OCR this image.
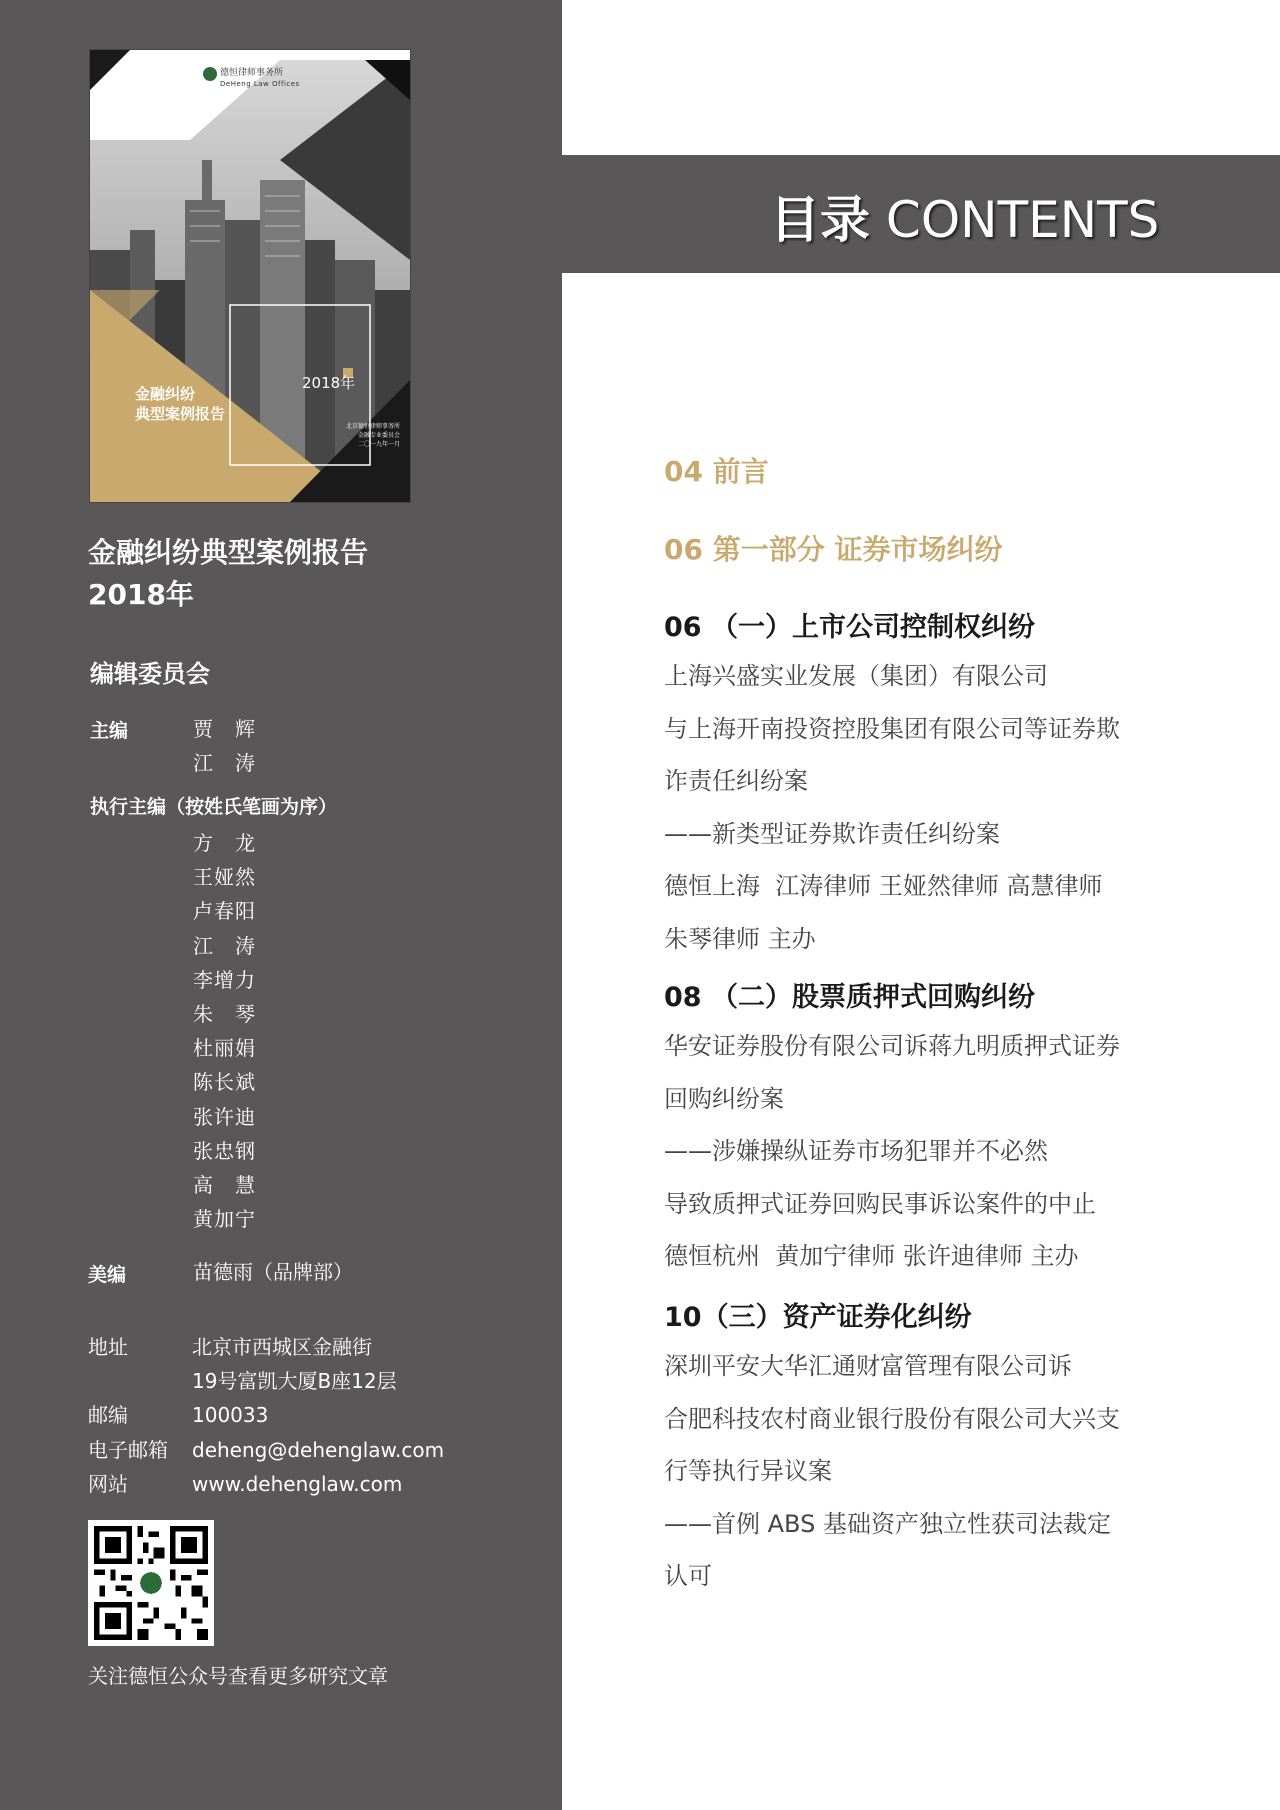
德恒律师事务所
DeHeng Law Offices
2018年
金融纠纷
典型案例报告
北京德恒律师事务所
金融专业委员会
二〇一九年一月
金融纠纷典型案例报告
2018年
编辑委员会
主编	贾　辉
江　涛
执行主编（按姓氏笔画为序）
方　龙
王娅然
卢春阳
江　涛
李增力
朱　琴
杜丽娟
陈长斌
张许迪
张忠钢
高　慧
黄加宁
美编	苗德雨（品牌部）
地址	北京市西城区金融街
19号富凯大厦B座12层
邮编	100033
电子邮箱	deheng@dehenglaw.com
网站	www.dehenglaw.com
关注德恒公众号查看更多研究文章
目录 CONTENTS
04 前言
06 第一部分 证券市场纠纷
06 （一）上市公司控制权纠纷
上海兴盛实业发展（集团）有限公司
与上海开南投资控股集团有限公司等证券欺
诈责任纠纷案
——新类型证券欺诈责任纠纷案
德恒上海  江涛律师 王娅然律师 高慧律师
朱琴律师 主办
08 （二）股票质押式回购纠纷
华安证券股份有限公司诉蒋九明质押式证券
回购纠纷案
——涉嫌操纵证券市场犯罪并不必然
导致质押式证券回购民事诉讼案件的中止
德恒杭州  黄加宁律师 张许迪律师 主办
10（三）资产证券化纠纷
深圳平安大华汇通财富管理有限公司诉
合肥科技农村商业银行股份有限公司大兴支
行等执行异议案
——首例 ABS 基础资产独立性获司法裁定
认可
